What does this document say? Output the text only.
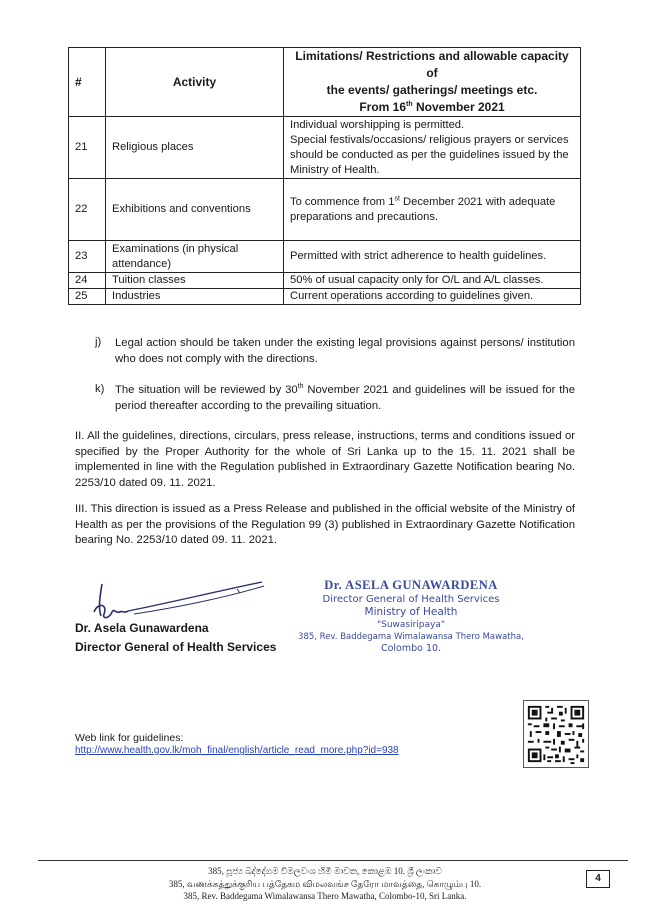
#	Activity	Limitations/ Restrictions and allowable capacity of
the events/ gatherings/ meetings etc.
From 16th November 2021
21	Religious places	Individual worshipping is permitted.
Special festivals/occasions/ religious prayers or services should be conducted as per the guidelines issued by the Ministry of Health.
22	Exhibitions and conventions	To commence from 1st December 2021 with adequate preparations and precautions.
23	Examinations (in physical attendance)	Permitted with strict adherence to health guidelines.
24	Tuition classes	50% of usual capacity only for O/L and A/L classes.
25	Industries	Current operations according to guidelines given.
j) Legal action should be taken under the existing legal provisions against persons/ institution who does not comply with the directions.
k) The situation will be reviewed by 30th November 2021 and guidelines will be issued for the period thereafter according to the prevailing situation.
II. All the guidelines, directions, circulars, press release, instructions, terms and conditions issued or specified by the Proper Authority for the whole of Sri Lanka up to the 15. 11. 2021 shall be implemented in line with the Regulation published in Extraordinary Gazette Notification bearing No. 2253/10 dated 09. 11. 2021.
III. This direction is issued as a Press Release and published in the official website of the Ministry of Health as per the provisions of the Regulation 99 (3) published in Extraordinary Gazette Notification bearing No. 2253/10 dated 09. 11. 2021.
Dr. Asela Gunawardena
Director General of Health Services
Dr. ASELA GUNAWARDENA
Director General of Health Services
Ministry of Health
"Suwasiripaya"
385, Rev. Baddegama Wimalawansa Thero Mawatha,
Colombo 10.
Web link for guidelines:
http://www.health.gov.lk/moh_final/english/article_read_more.php?id=938
385, පූජ්‍ය බද්දේගම විමලවංශ හිමි මාවත, කොළඹ 10. ශ්‍රී ලංකාව
385, வணக்கத்துக்குரிய பத்தேகம விமலவங்ச தேரோ மாவத்தை, கொழும்பு 10.
385, Rev. Baddegama Wimalawansa Thero Mawatha, Colombo-10, Sri Lanka.
4
